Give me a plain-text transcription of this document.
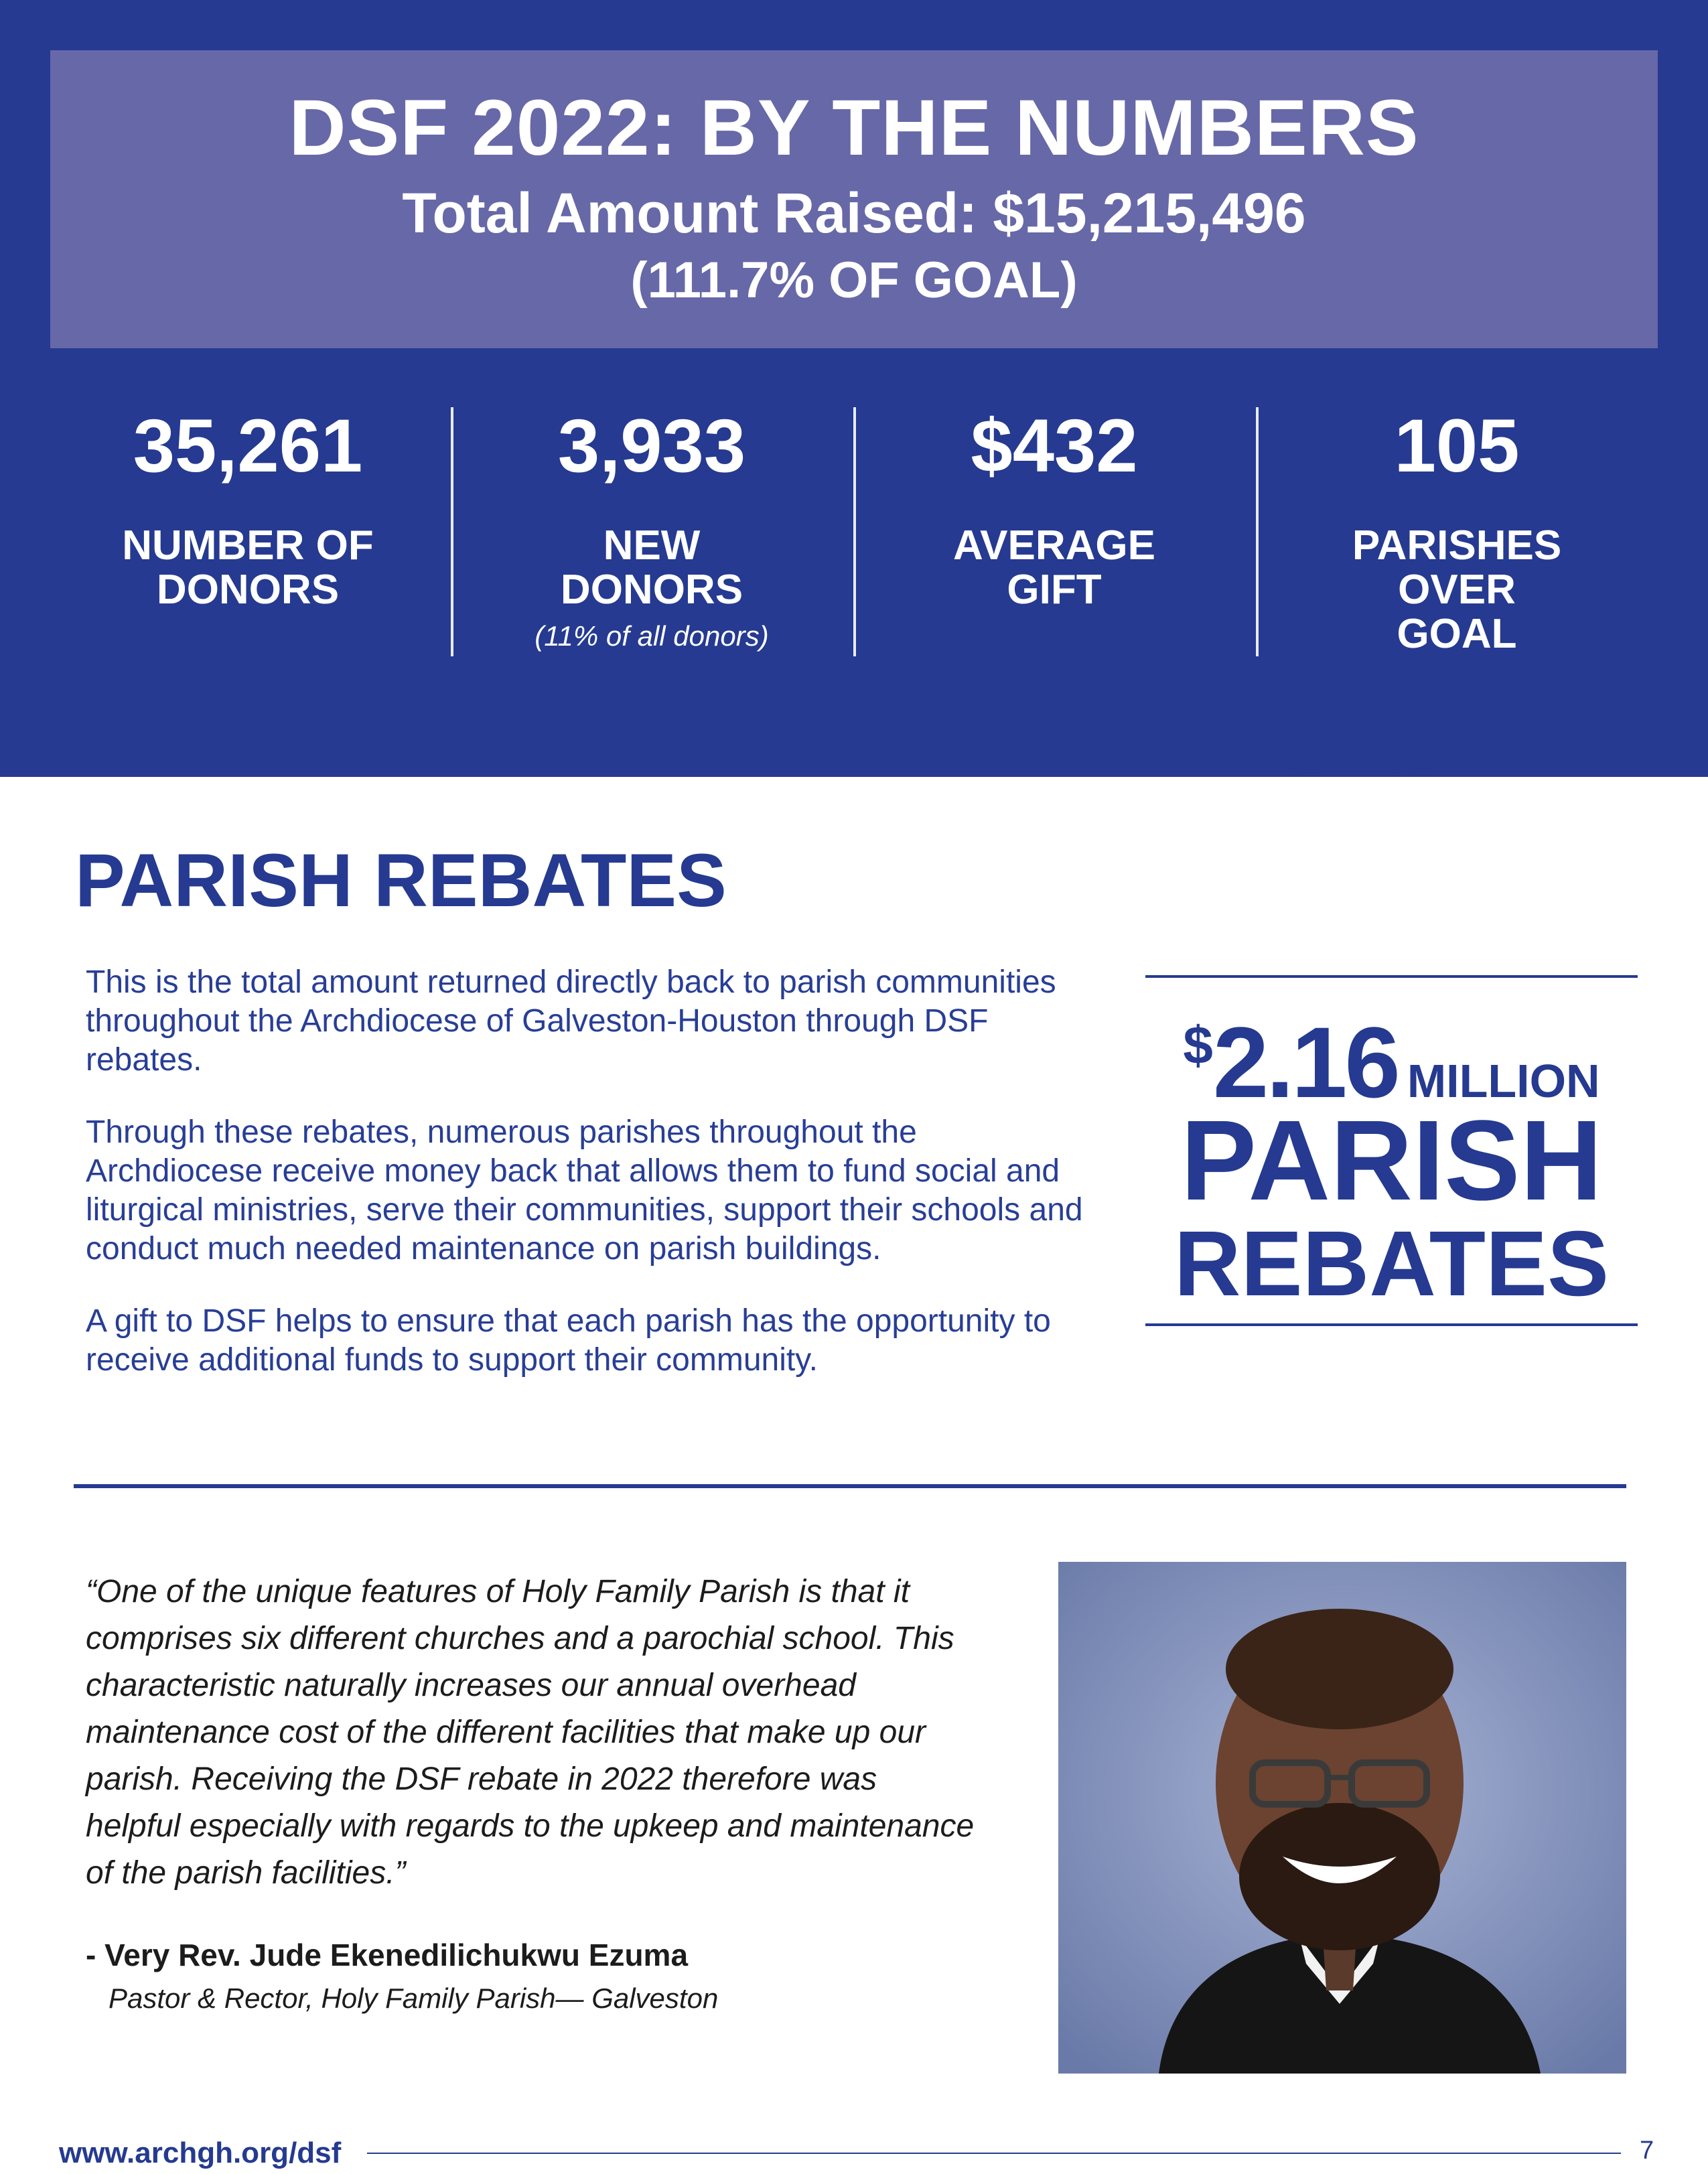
DSF 2022: BY THE NUMBERS
Total Amount Raised: $15,215,496
(111.7% OF GOAL)
35,261
NUMBER OF
DONORS
3,933
NEW
DONORS
(11% of all donors)
$432
AVERAGE
GIFT
105
PARISHES
OVER
GOAL
PARISH REBATES

This is the total amount returned directly back to parish communities throughout the Archdiocese of Galveston-Houston through DSF rebates.

Through these rebates, numerous parishes throughout the Archdiocese receive money back that allows them to fund social and liturgical ministries, serve their communities, support their schools and conduct much needed maintenance on parish buildings.

A gift to DSF helps to ensure that each parish has the opportunity to receive additional funds to support their community.

$2.16 MILLION
PARISH
REBATES
“One of the unique features of Holy Family Parish is that it comprises six different churches and a parochial school. This characteristic naturally increases our annual overhead maintenance cost of the different facilities that make up our parish. Receiving the DSF rebate in 2022 therefore was helpful especially with regards to the upkeep and maintenance of the parish facilities.”
- Very Rev. Jude Ekenedilichukwu Ezuma
Pastor & Rector, Holy Family Parish— Galveston
www.archgh.org/dsf	7
